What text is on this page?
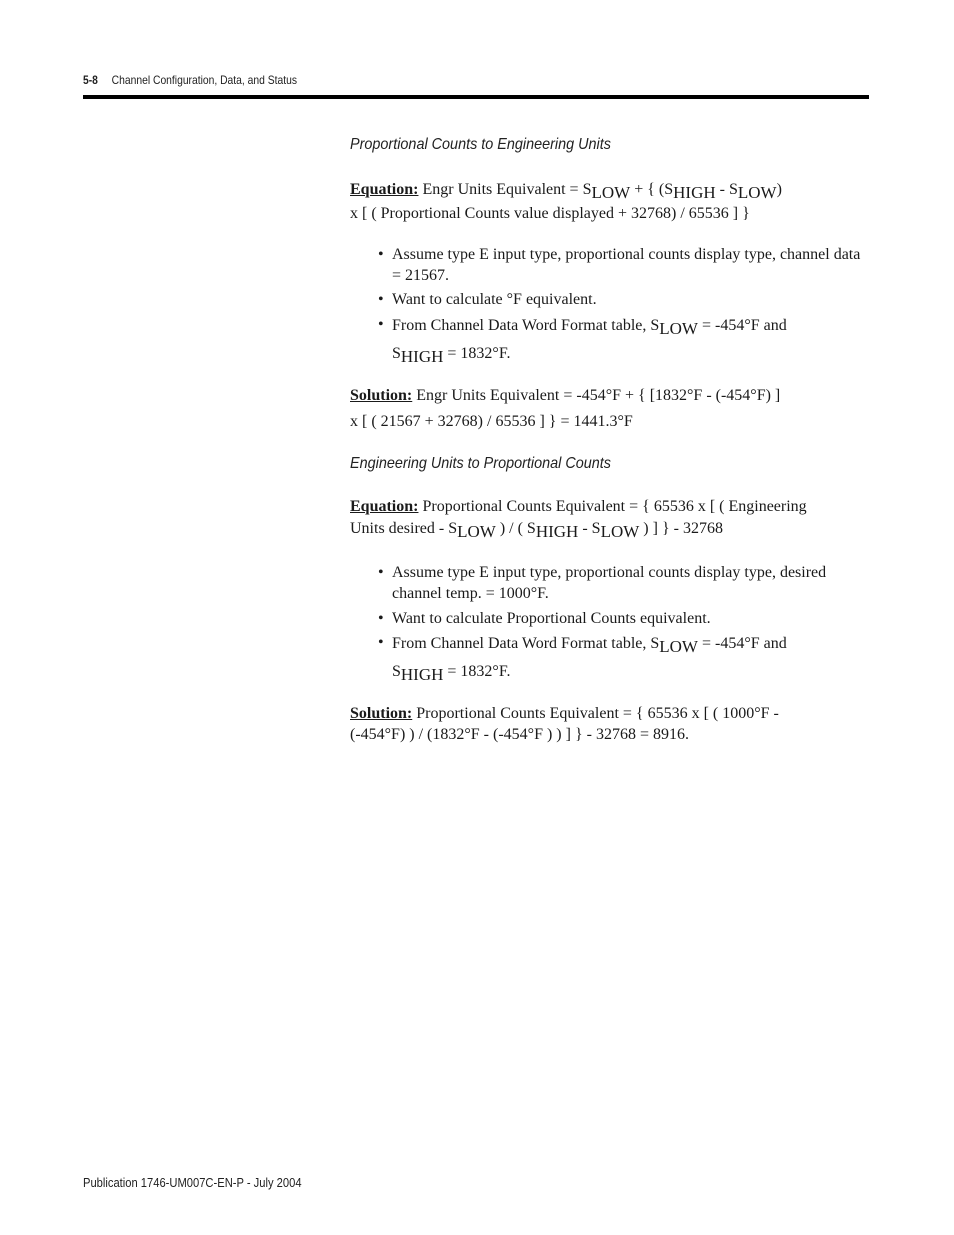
5-8 Channel Configuration, Data, and Status
Proportional Counts to Engineering Units
Equation: Engr Units Equivalent = SLOW + { (SHIGH - SLOW)
x [ ( Proportional Counts value displayed + 32768) / 65536 ] }
• Assume type E input type, proportional counts display type, channel data = 21567.
• Want to calculate °F equivalent.
• From Channel Data Word Format table, SLOW = -454°F and
SHIGH = 1832°F.
Solution: Engr Units Equivalent = -454°F + { [1832°F - (-454°F) ]
x [ ( 21567 + 32768) / 65536 ] } = 1441.3°F
Engineering Units to Proportional Counts
Equation: Proportional Counts Equivalent = { 65536 x [ ( Engineering
Units desired - SLOW ) / ( SHIGH - SLOW ) ] } - 32768
• Assume type E input type, proportional counts display type, desired channel temp. = 1000°F.
• Want to calculate Proportional Counts equivalent.
• From Channel Data Word Format table, SLOW = -454°F and
SHIGH = 1832°F.
Solution: Proportional Counts Equivalent = { 65536 x [ ( 1000°F -
(-454°F) ) / (1832°F - (-454°F ) ) ] } - 32768 = 8916.
Publication 1746-UM007C-EN-P - July 2004
